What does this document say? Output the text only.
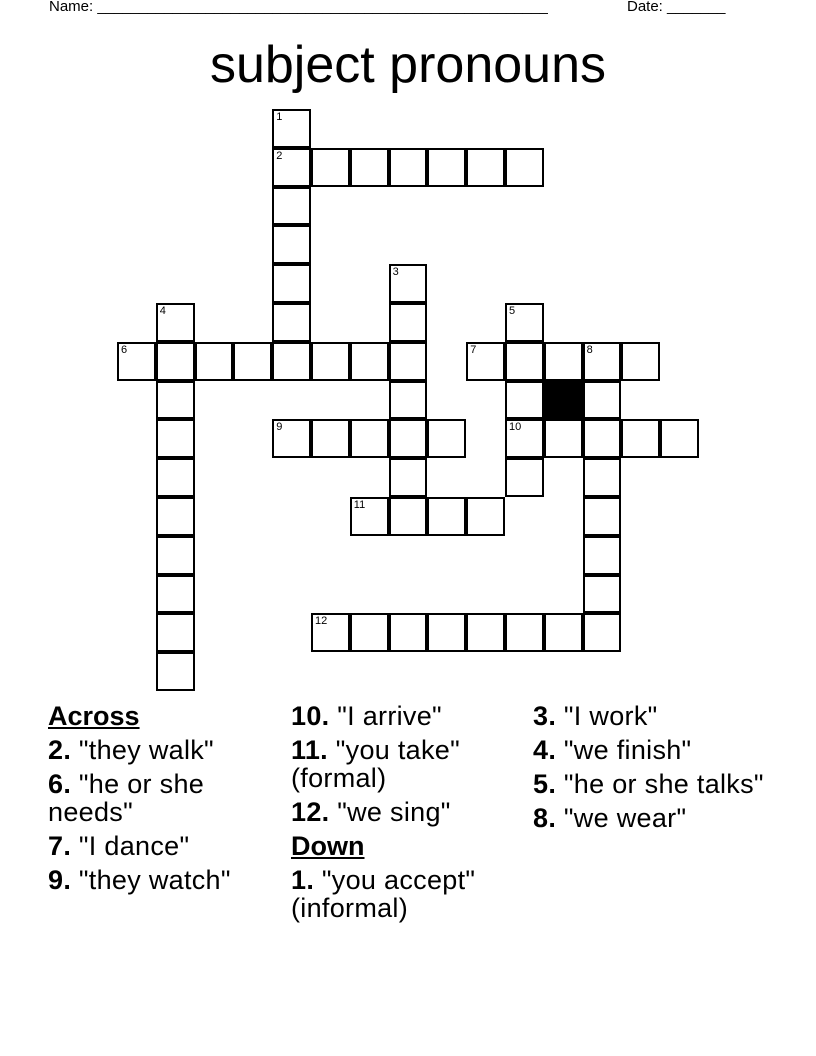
Name: ______________________________________________________	Date: _______
subject pronouns
1
2
3
4	5
6	7	8
9	10
11
12
Across
2. "they walk"
6. "he or she needs"
7. "I dance"
9. "they watch"
10. "I arrive"
11. "you take" (formal)
12. "we sing"
Down
1. "you accept" (informal)
3. "I work"
4. "we finish"
5. "he or she talks"
8. "we wear"
